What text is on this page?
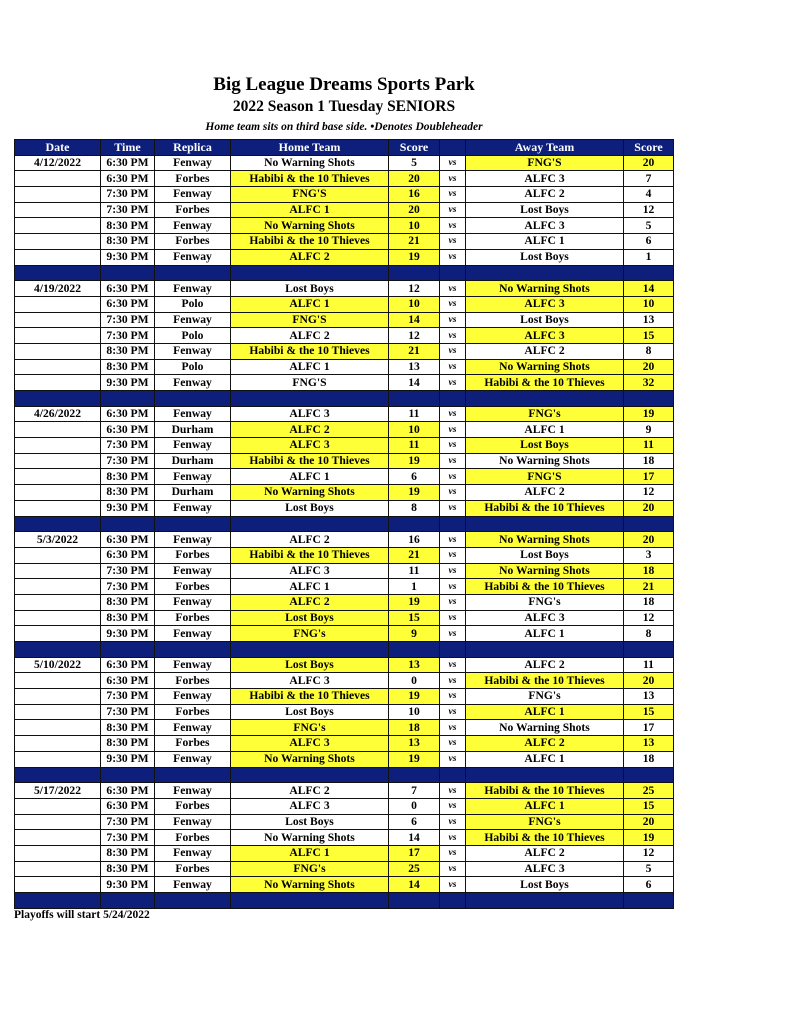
Big League Dreams Sports Park
2022 Season 1 Tuesday SENIORS
Home team sits on third base side. •Denotes Doubleheader
Date	Time	Replica	Home Team	Score		Away Team	Score
4/12/2022	6:30 PM	Fenway	No Warning Shots	5	vs	FNG'S	20
	6:30 PM	Forbes	Habibi & the 10 Thieves	20	vs	ALFC 3	7
	7:30 PM	Fenway	FNG'S	16	vs	ALFC 2	4
	7:30 PM	Forbes	ALFC 1	20	vs	Lost Boys	12
	8:30 PM	Fenway	No Warning Shots	10	vs	ALFC 3	5
	8:30 PM	Forbes	Habibi & the 10 Thieves	21	vs	ALFC 1	6
	9:30 PM	Fenway	ALFC 2	19	vs	Lost Boys	1

4/19/2022	6:30 PM	Fenway	Lost Boys	12	vs	No Warning Shots	14
	6:30 PM	Polo	ALFC 1	10	vs	ALFC 3	10
	7:30 PM	Fenway	FNG'S	14	vs	Lost Boys	13
	7:30 PM	Polo	ALFC 2	12	vs	ALFC 3	15
	8:30 PM	Fenway	Habibi & the 10 Thieves	21	vs	ALFC 2	8
	8:30 PM	Polo	ALFC 1	13	vs	No Warning Shots	20
	9:30 PM	Fenway	FNG'S	14	vs	Habibi & the 10 Thieves	32

4/26/2022	6:30 PM	Fenway	ALFC 3	11	vs	FNG's	19
	6:30 PM	Durham	ALFC 2	10	vs	ALFC 1	9
	7:30 PM	Fenway	ALFC 3	11	vs	Lost Boys	11
	7:30 PM	Durham	Habibi & the 10 Thieves	19	vs	No Warning Shots	18
	8:30 PM	Fenway	ALFC 1	6	vs	FNG'S	17
	8:30 PM	Durham	No Warning Shots	19	vs	ALFC 2	12
	9:30 PM	Fenway	Lost Boys	8	vs	Habibi & the 10 Thieves	20

5/3/2022	6:30 PM	Fenway	ALFC 2	16	vs	No Warning Shots	20
	6:30 PM	Forbes	Habibi & the 10 Thieves	21	vs	Lost Boys	3
	7:30 PM	Fenway	ALFC 3	11	vs	No Warning Shots	18
	7:30 PM	Forbes	ALFC 1	1	vs	Habibi & the 10 Thieves	21
	8:30 PM	Fenway	ALFC 2	19	vs	FNG's	18
	8:30 PM	Forbes	Lost Boys	15	vs	ALFC 3	12
	9:30 PM	Fenway	FNG's	9	vs	ALFC 1	8

5/10/2022	6:30 PM	Fenway	Lost Boys	13	vs	ALFC 2	11
	6:30 PM	Forbes	ALFC 3	0	vs	Habibi & the 10 Thieves	20
	7:30 PM	Fenway	Habibi & the 10 Thieves	19	vs	FNG's	13
	7:30 PM	Forbes	Lost Boys	10	vs	ALFC 1	15
	8:30 PM	Fenway	FNG's	18	vs	No Warning Shots	17
	8:30 PM	Forbes	ALFC 3	13	vs	ALFC 2	13
	9:30 PM	Fenway	No Warning Shots	19	vs	ALFC 1	18

5/17/2022	6:30 PM	Fenway	ALFC 2	7	vs	Habibi & the 10 Thieves	25
	6:30 PM	Forbes	ALFC 3	0	vs	ALFC 1	15
	7:30 PM	Fenway	Lost Boys	6	vs	FNG's	20
	7:30 PM	Forbes	No Warning Shots	14	vs	Habibi & the 10 Thieves	19
	8:30 PM	Fenway	ALFC 1	17	vs	ALFC 2	12
	8:30 PM	Forbes	FNG's	25	vs	ALFC 3	5
	9:30 PM	Fenway	No Warning Shots	14	vs	Lost Boys	6

Playoffs will start 5/24/2022
